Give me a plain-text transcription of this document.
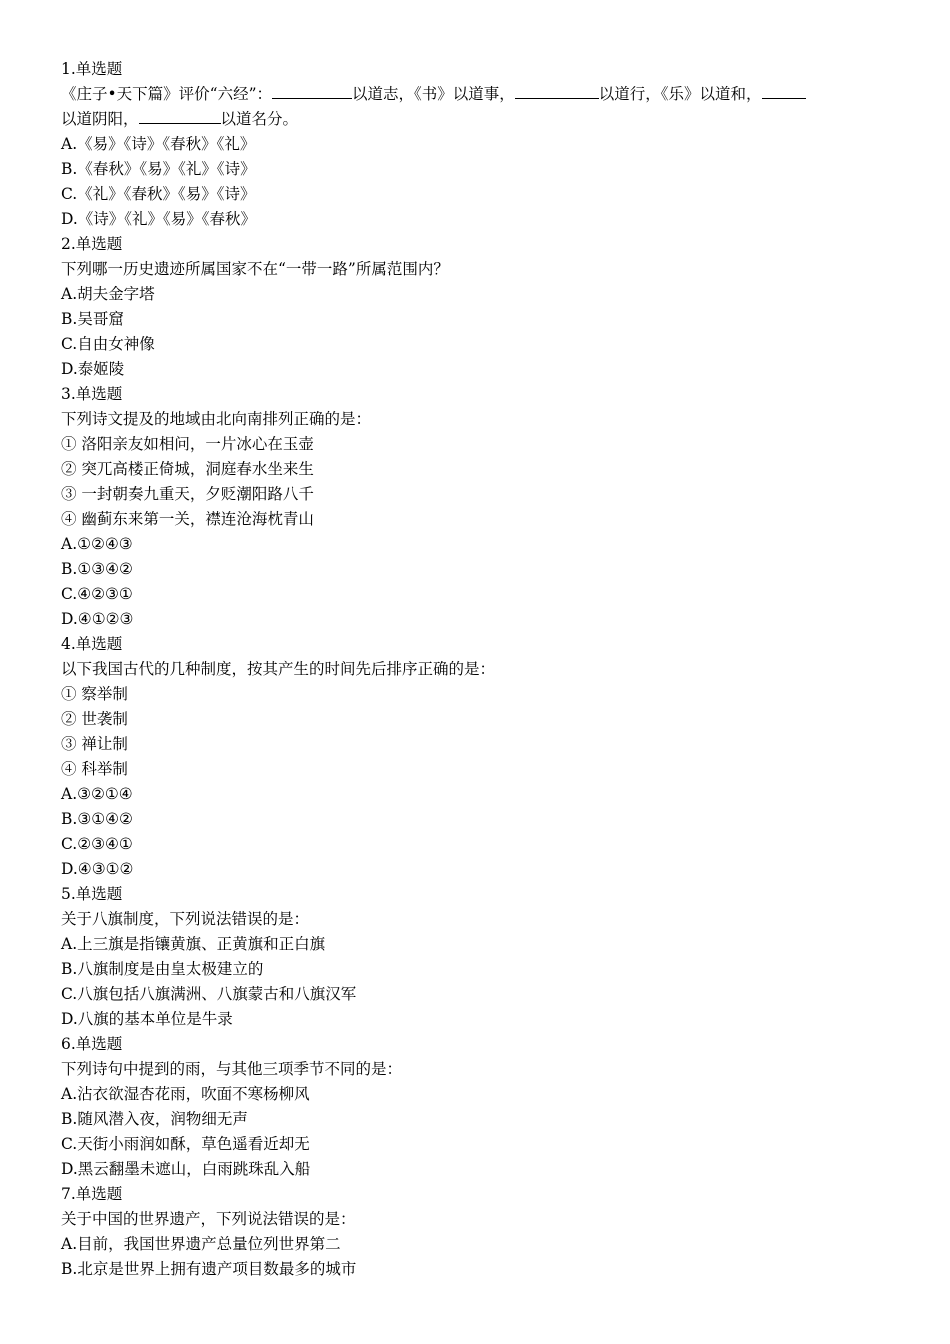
1.单选题
《庄子•天下篇》评价“六经”：	以道志，《书》以道事，	以道行，《乐》以道和，
以道阴阳，	以道名分。
A.《易》《诗》《春秋》《礼》
B.《春秋》《易》《礼》《诗》
C.《礼》《春秋》《易》《诗》
D.《诗》《礼》《易》《春秋》
2.单选题
下列哪一历史遗迹所属国家不在“一带一路”所属范围内？
A.胡夫金字塔
B.吴哥窟
C.自由女神像
D.泰姬陵
3.单选题
下列诗文提及的地域由北向南排列正确的是：
① 洛阳亲友如相问，一片冰心在玉壶
② 突兀高楼正倚城，洞庭春水坐来生
③ 一封朝奏九重天，夕贬潮阳路八千
④ 幽蓟东来第一关，襟连沧海枕青山
A.①②④③
B.①③④②
C.④②③①
D.④①②③
4.单选题
以下我国古代的几种制度，按其产生的时间先后排序正确的是：
① 察举制
② 世袭制
③ 禅让制
④ 科举制
A.③②①④
B.③①④②
C.②③④①
D.④③①②
5.单选题
关于八旗制度，下列说法错误的是：
A.上三旗是指镶黄旗、正黄旗和正白旗
B.八旗制度是由皇太极建立的
C.八旗包括八旗满洲、八旗蒙古和八旗汉军
D.八旗的基本单位是牛录
6.单选题
下列诗句中提到的雨，与其他三项季节不同的是：
A.沾衣欲湿杏花雨，吹面不寒杨柳风
B.随风潜入夜，润物细无声
C.天街小雨润如酥，草色遥看近却无
D.黑云翻墨未遮山，白雨跳珠乱入船
7.单选题
关于中国的世界遗产，下列说法错误的是：
A.目前，我国世界遗产总量位列世界第二
B.北京是世界上拥有遗产项目数最多的城市
